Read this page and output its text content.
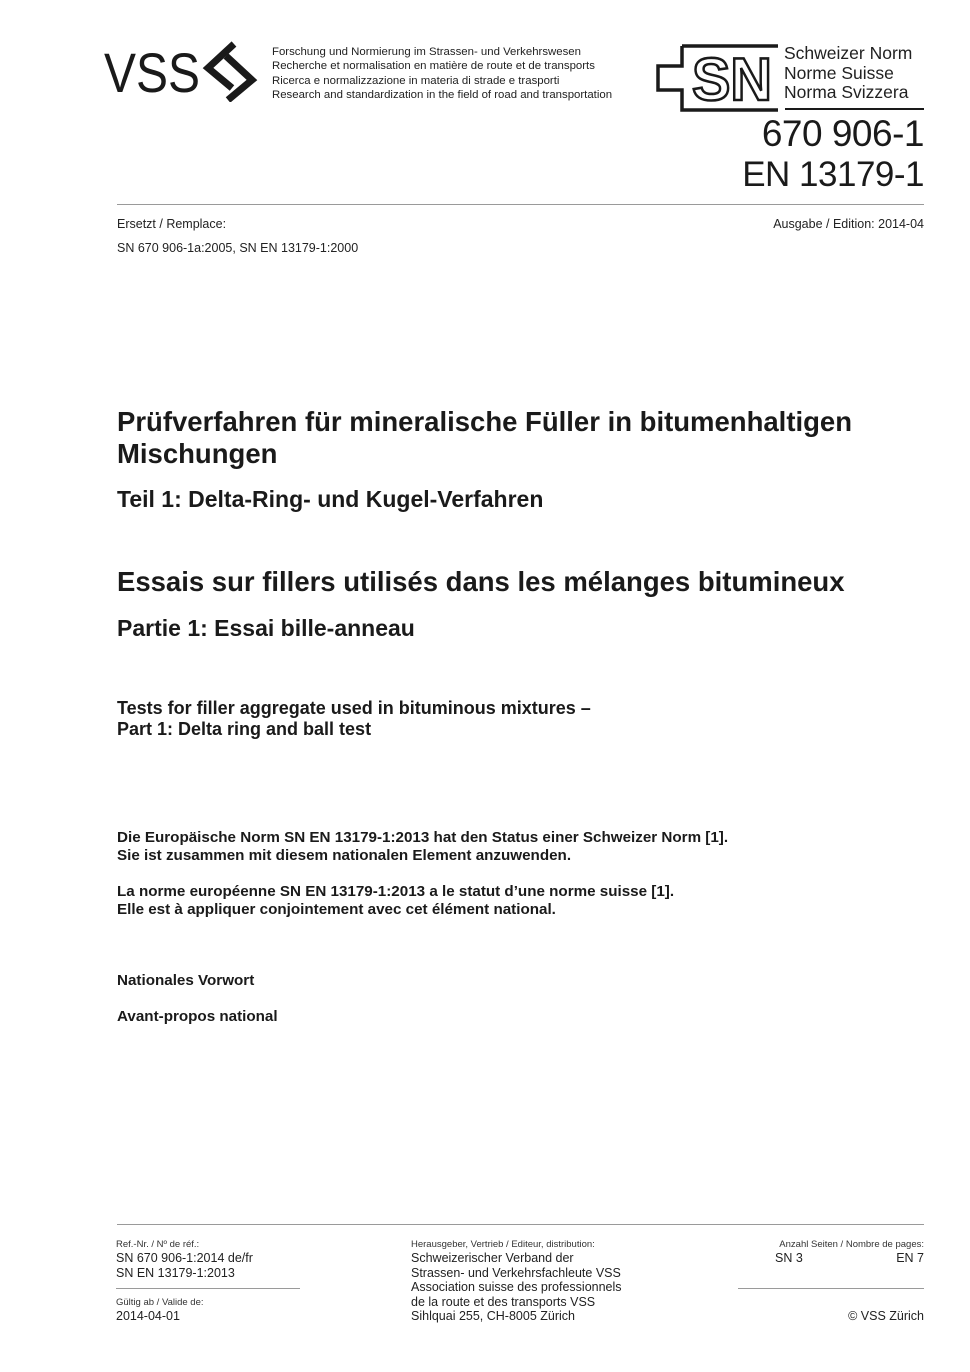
VSS	Forschung und Normierung im Strassen- und Verkehrswesen
Recherche et normalisation en matière de route et de transports
Ricerca e normalizzazione in materia di strade e trasporti
Research and standardization in the field of road and transportation SN Schweizer Norm
Norme Suisse
Norma Svizzera
670 906-1
EN 13179-1
Ersetzt / Remplace:	Ausgabe / Edition: 2014-04
SN 670 906-1a:2005, SN EN 13179-1:2000
Prüfverfahren für mineralische Füller in bitumenhaltigen Mischungen
Teil 1: Delta-Ring- und Kugel-Verfahren
Essais sur fillers utilisés dans les mélanges bitumineux
Partie 1: Essai bille-anneau
Tests for filler aggregate used in bituminous mixtures –
Part 1: Delta ring and ball test
Die Europäische Norm SN EN 13179-1:2013 hat den Status einer Schweizer Norm [1].
Sie ist zusammen mit diesem nationalen Element anzuwenden.
La norme européenne SN EN 13179-1:2013 a le statut d’une norme suisse [1].
Elle est à appliquer conjointement avec cet élément national.
Nationales Vorwort
Avant-propos national
Ref.-Nr. / Nº de réf.:
SN 670 906-1:2014 de/fr
SN EN 13179-1:2013
Gültig ab / Valide de:
2014-04-01
Herausgeber, Vertrieb / Editeur, distribution:
Schweizerischer Verband der
Strassen- und Verkehrsfachleute VSS
Association suisse des professionnels
de la route et des transports VSS
Sihlquai 255, CH-8005 Zürich
Anzahl Seiten / Nombre de pages:
SN 3	EN 7
© VSS Zürich
